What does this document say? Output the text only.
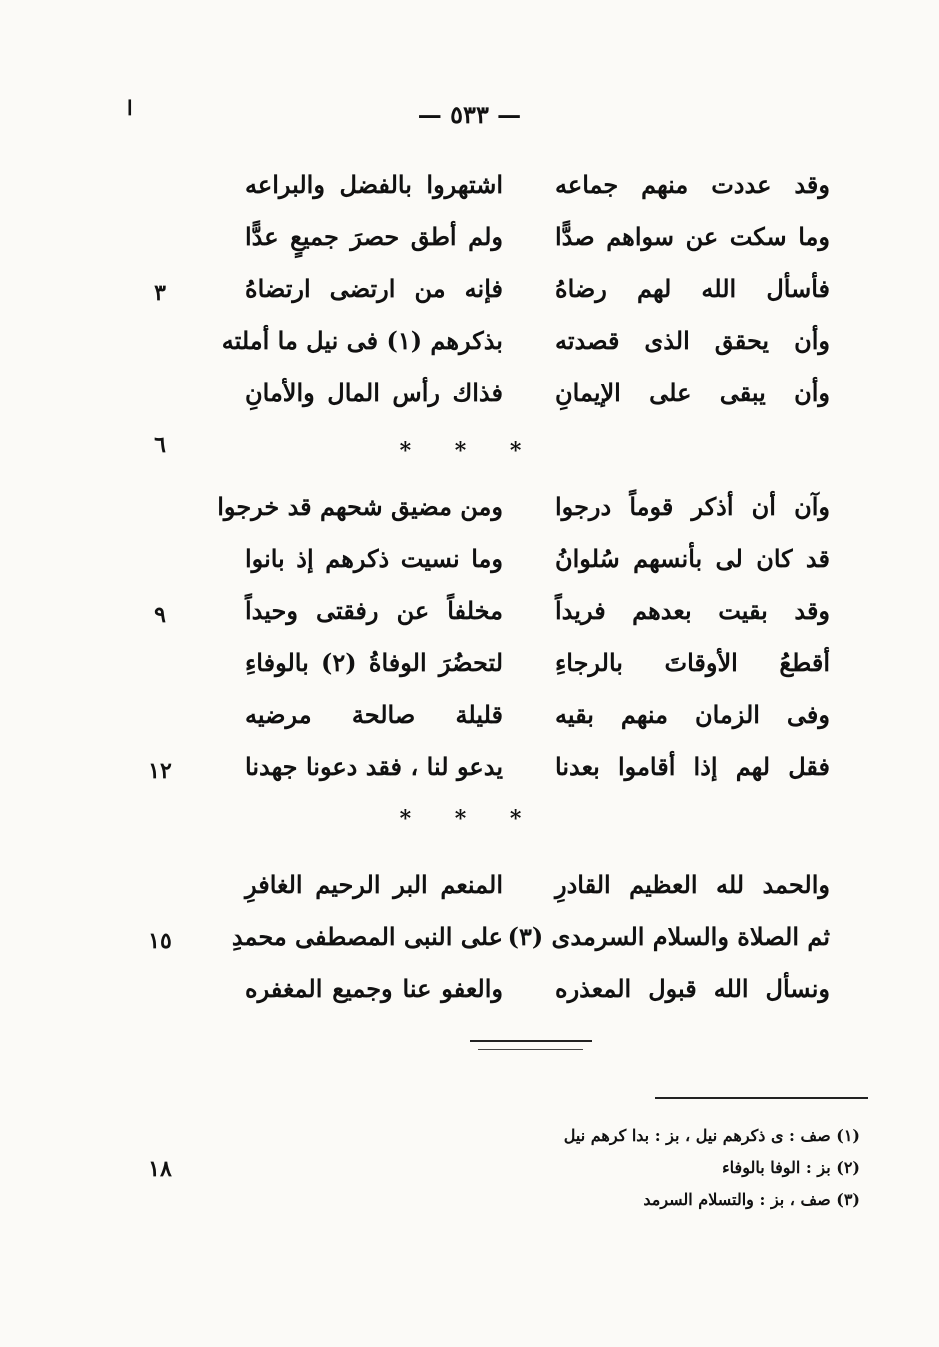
— ٥٣٣ —
ا
وقد عددت منهم جماعه
اشتهروا بالفضل والبراعه
وما سكت عن سواهم صدًّا
ولم أطق حصرَ جميعٍ عدًّا
فأسأل الله لهم رضاهُ
فإنه من ارتضى ارتضاهُ
٣
وأن يحقق الذى قصدته
بذكرهم (١) فى نيل ما أملته
وأن يبقى على الإيمانِ
فذاك رأس المال والأمانِ
٦	* * *
وآن أن أذكر قوماً درجوا
ومن مضيق شحهم قد خرجوا
قد كان لى بأنسهم سُلوانُ
وما نسيت ذكرهم إذ بانوا
وقد بقيت بعدهم فريداً
مخلفاً عن رفقتى وحيداً
٩
أقطعُ الأوقاتَ بالرجاءِ
لتحضُرَ الوفاةُ (٢) بالوفاءِ
وفى الزمان منهم بقيه
قليلة صالحة مرضيه
فقل لهم إذا أقاموا بعدنا
يدعو لنا ، فقد دعونا جهدنا
١٢
* * *
والحمد لله العظيم القادرِ
المنعم البر الرحيم الغافرِ
ثم الصلاة والسلام السرمدى (٣)
على النبى المصطفى محمدِ
١٥
ونسأل الله قبول المعذره
والعفو عنا وجميع المغفره
١٨
(١) صف : ى ذكرهم نيل ، بز : بدا كرهم نيل
(٢) بز : الوفا بالوفاء
(٣) صف ، بز : والتسلام السرمد
